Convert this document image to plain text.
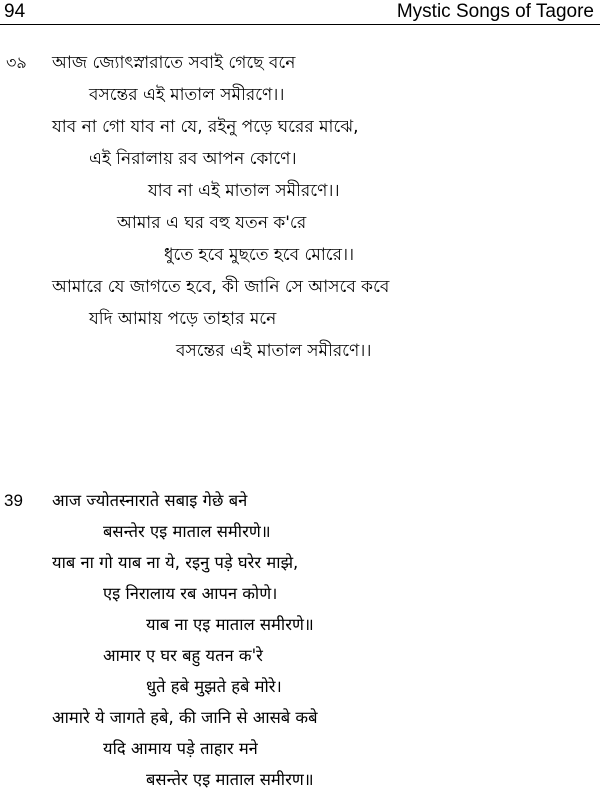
94	Mystic Songs of Tagore
৩৯ আজ জ্যোৎস্নারাতে সবাই গেছে বনে
বসন্তের এই মাতাল সমীরণে।।
যাব না গো যাব না যে, রইনু পড়ে ঘরের মাঝে,
এই নিরালায় রব আপন কোণে।
যাব না এই মাতাল সমীরণে।।
আমার এ ঘর বহু যতন ক'রে
ধুতে হবে মুছতে হবে মোরে।।
আমারে যে জাগতে হবে, কী জানি সে আসবে কবে
যদি আমায় পড়ে তাহার মনে
বসন্তের এই মাতাল সমীরণে।।
39 आज ज्योतस्नाराते सबाइ गेछे बने
बसन्तेर एइ माताल समीरणे॥
याब ना गो याब ना ये, रइनु पड़े घरेर माझे,
एइ निरालाय रब आपन कोणे।
याब ना एइ माताल समीरणे॥
आमार ए घर बहु यतन क'रे
धुते हबे मुझते हबे मोरे।
आमारे ये जागते हबे, की जानि से आसबे कबे
यदि आमाय पड़े ताहार मने
बसन्तेर एइ माताल समीरण॥
